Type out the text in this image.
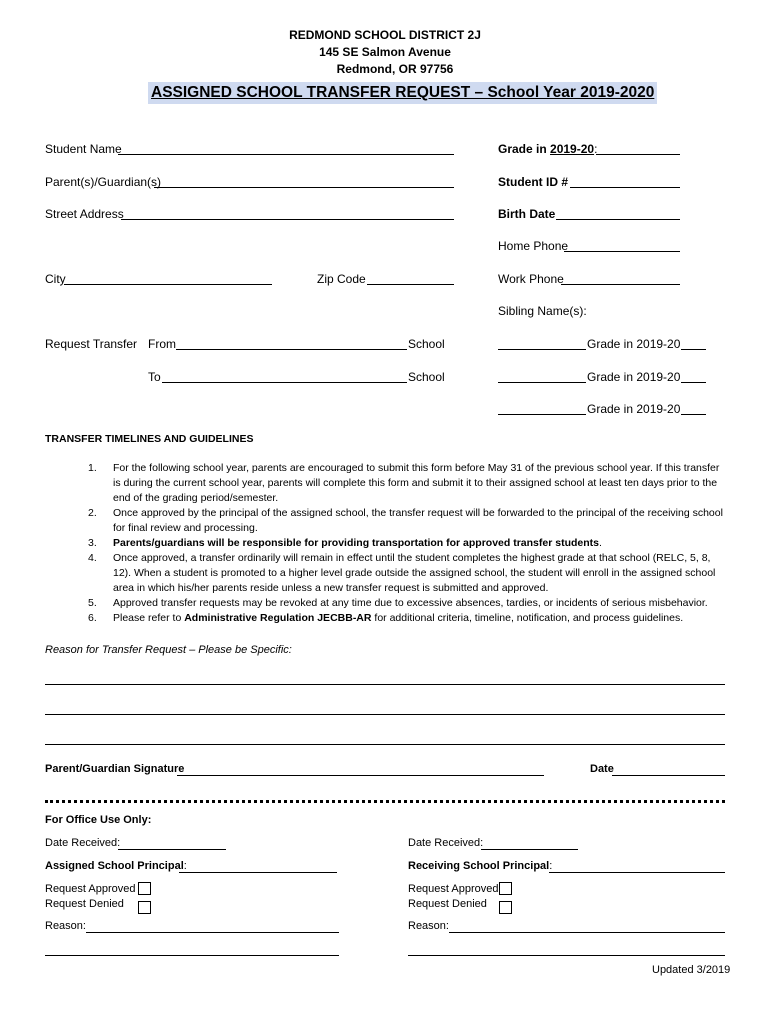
REDMOND SCHOOL DISTRICT 2J
145 SE Salmon Avenue
Redmond, OR 97756
ASSIGNED SCHOOL TRANSFER REQUEST – School Year 2019-2020
Student Name	Grade in 2019-20:
Parent(s)/Guardian(s)	Student ID #
Street Address	Birth Date
Home Phone
City	Zip Code	Work Phone
Sibling Name(s):
Request Transfer From	School	Grade in 2019-20
To	School	Grade in 2019-20
Grade in 2019-20
TRANSFER TIMELINES AND GUIDELINES
1. For the following school year, parents are encouraged to submit this form before May 31 of the previous school year. If this transfer is during the current school year, parents will complete this form and submit it to their assigned school at least ten days prior to the end of the grading period/semester.
2. Once approved by the principal of the assigned school, the transfer request will be forwarded to the principal of the receiving school for final review and processing.
3. Parents/guardians will be responsible for providing transportation for approved transfer students.
4. Once approved, a transfer ordinarily will remain in effect until the student completes the highest grade at that school (RELC, 5, 8, 12). When a student is promoted to a higher level grade outside the assigned school, the student will enroll in the assigned school area in which his/her parents reside unless a new transfer request is submitted and approved.
5. Approved transfer requests may be revoked at any time due to excessive absences, tardies, or incidents of serious misbehavior.
6. Please refer to Administrative Regulation JECBB-AR for additional criteria, timeline, notification, and process guidelines.
Reason for Transfer Request – Please be Specific:
Parent/Guardian Signature	Date
For Office Use Only:
Date Received:	Date Received:
Assigned School Principal:	Receiving School Principal:
Request Approved
Request Denied
Request Approved
Request Denied
Reason:	Reason:
Updated 3/2019
